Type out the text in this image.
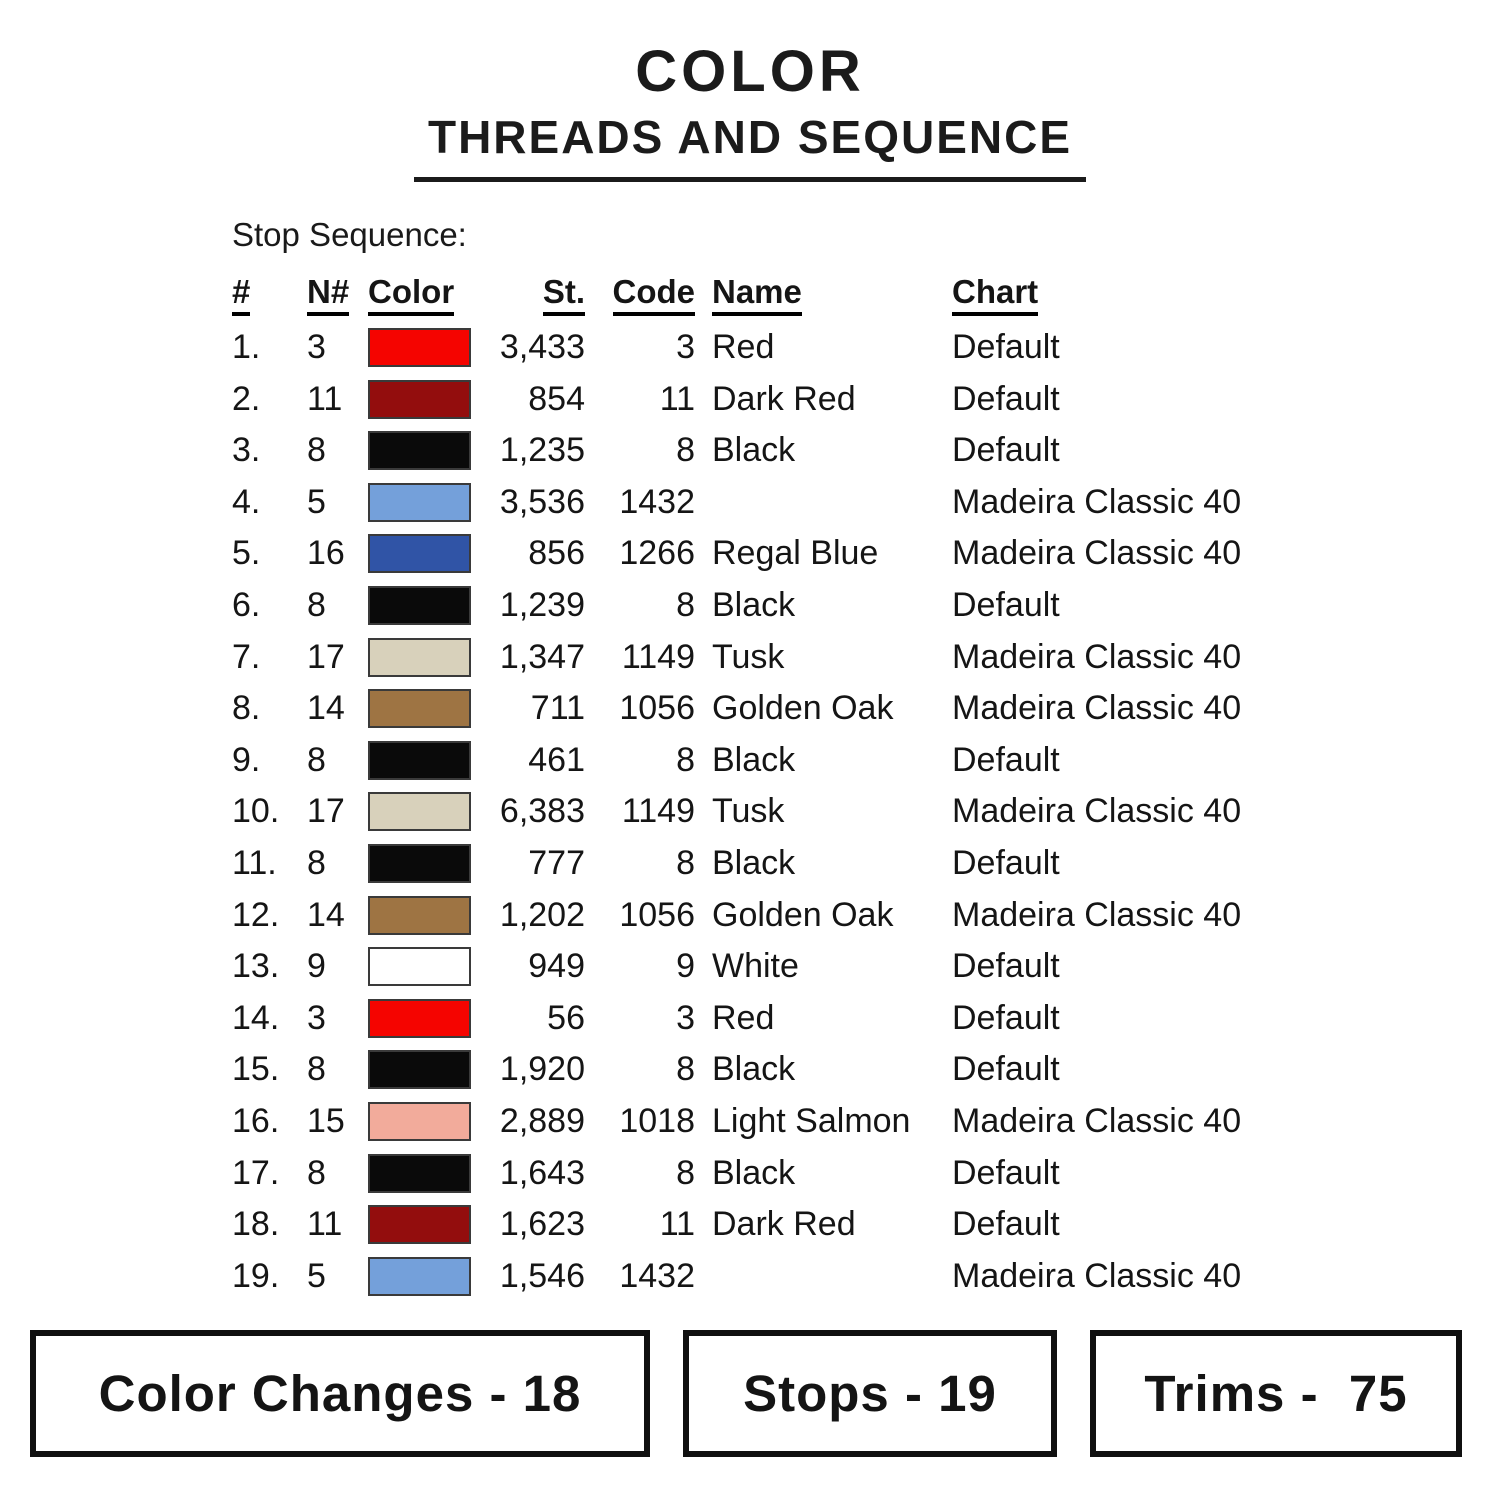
COLOR
THREADS AND SEQUENCE
Stop Sequence:
# N# Color	St. Code Name	Chart
1.	3	3,433	3 Red	Default
2.	11	854	11 Dark Red	Default
3.	8	1,235	8 Black	Default
4.	5	3,536	1432	Madeira Classic 40
5.	16	856	1266 Regal Blue	Madeira Classic 40
6.	8	1,239	8 Black	Default
7.	17	1,347	1149 Tusk	Madeira Classic 40
8.	14	711	1056 Golden Oak	Madeira Classic 40
9.	8	461	8 Black	Default
10. 17	6,383	1149 Tusk	Madeira Classic 40
11. 8	777	8 Black	Default
12. 14	1,202	1056 Golden Oak	Madeira Classic 40
13. 9	949	9 White	Default
14. 3	56	3 Red	Default
15. 8	1,920	8 Black	Default
16. 15	2,889	1018 Light Salmon	Madeira Classic 40
17. 8	1,643	8 Black	Default
18. 11	1,623	11 Dark Red	Default
19. 5	1,546	1432	Madeira Classic 40
Color Changes - 18	Stops - 19	Trims -  75
